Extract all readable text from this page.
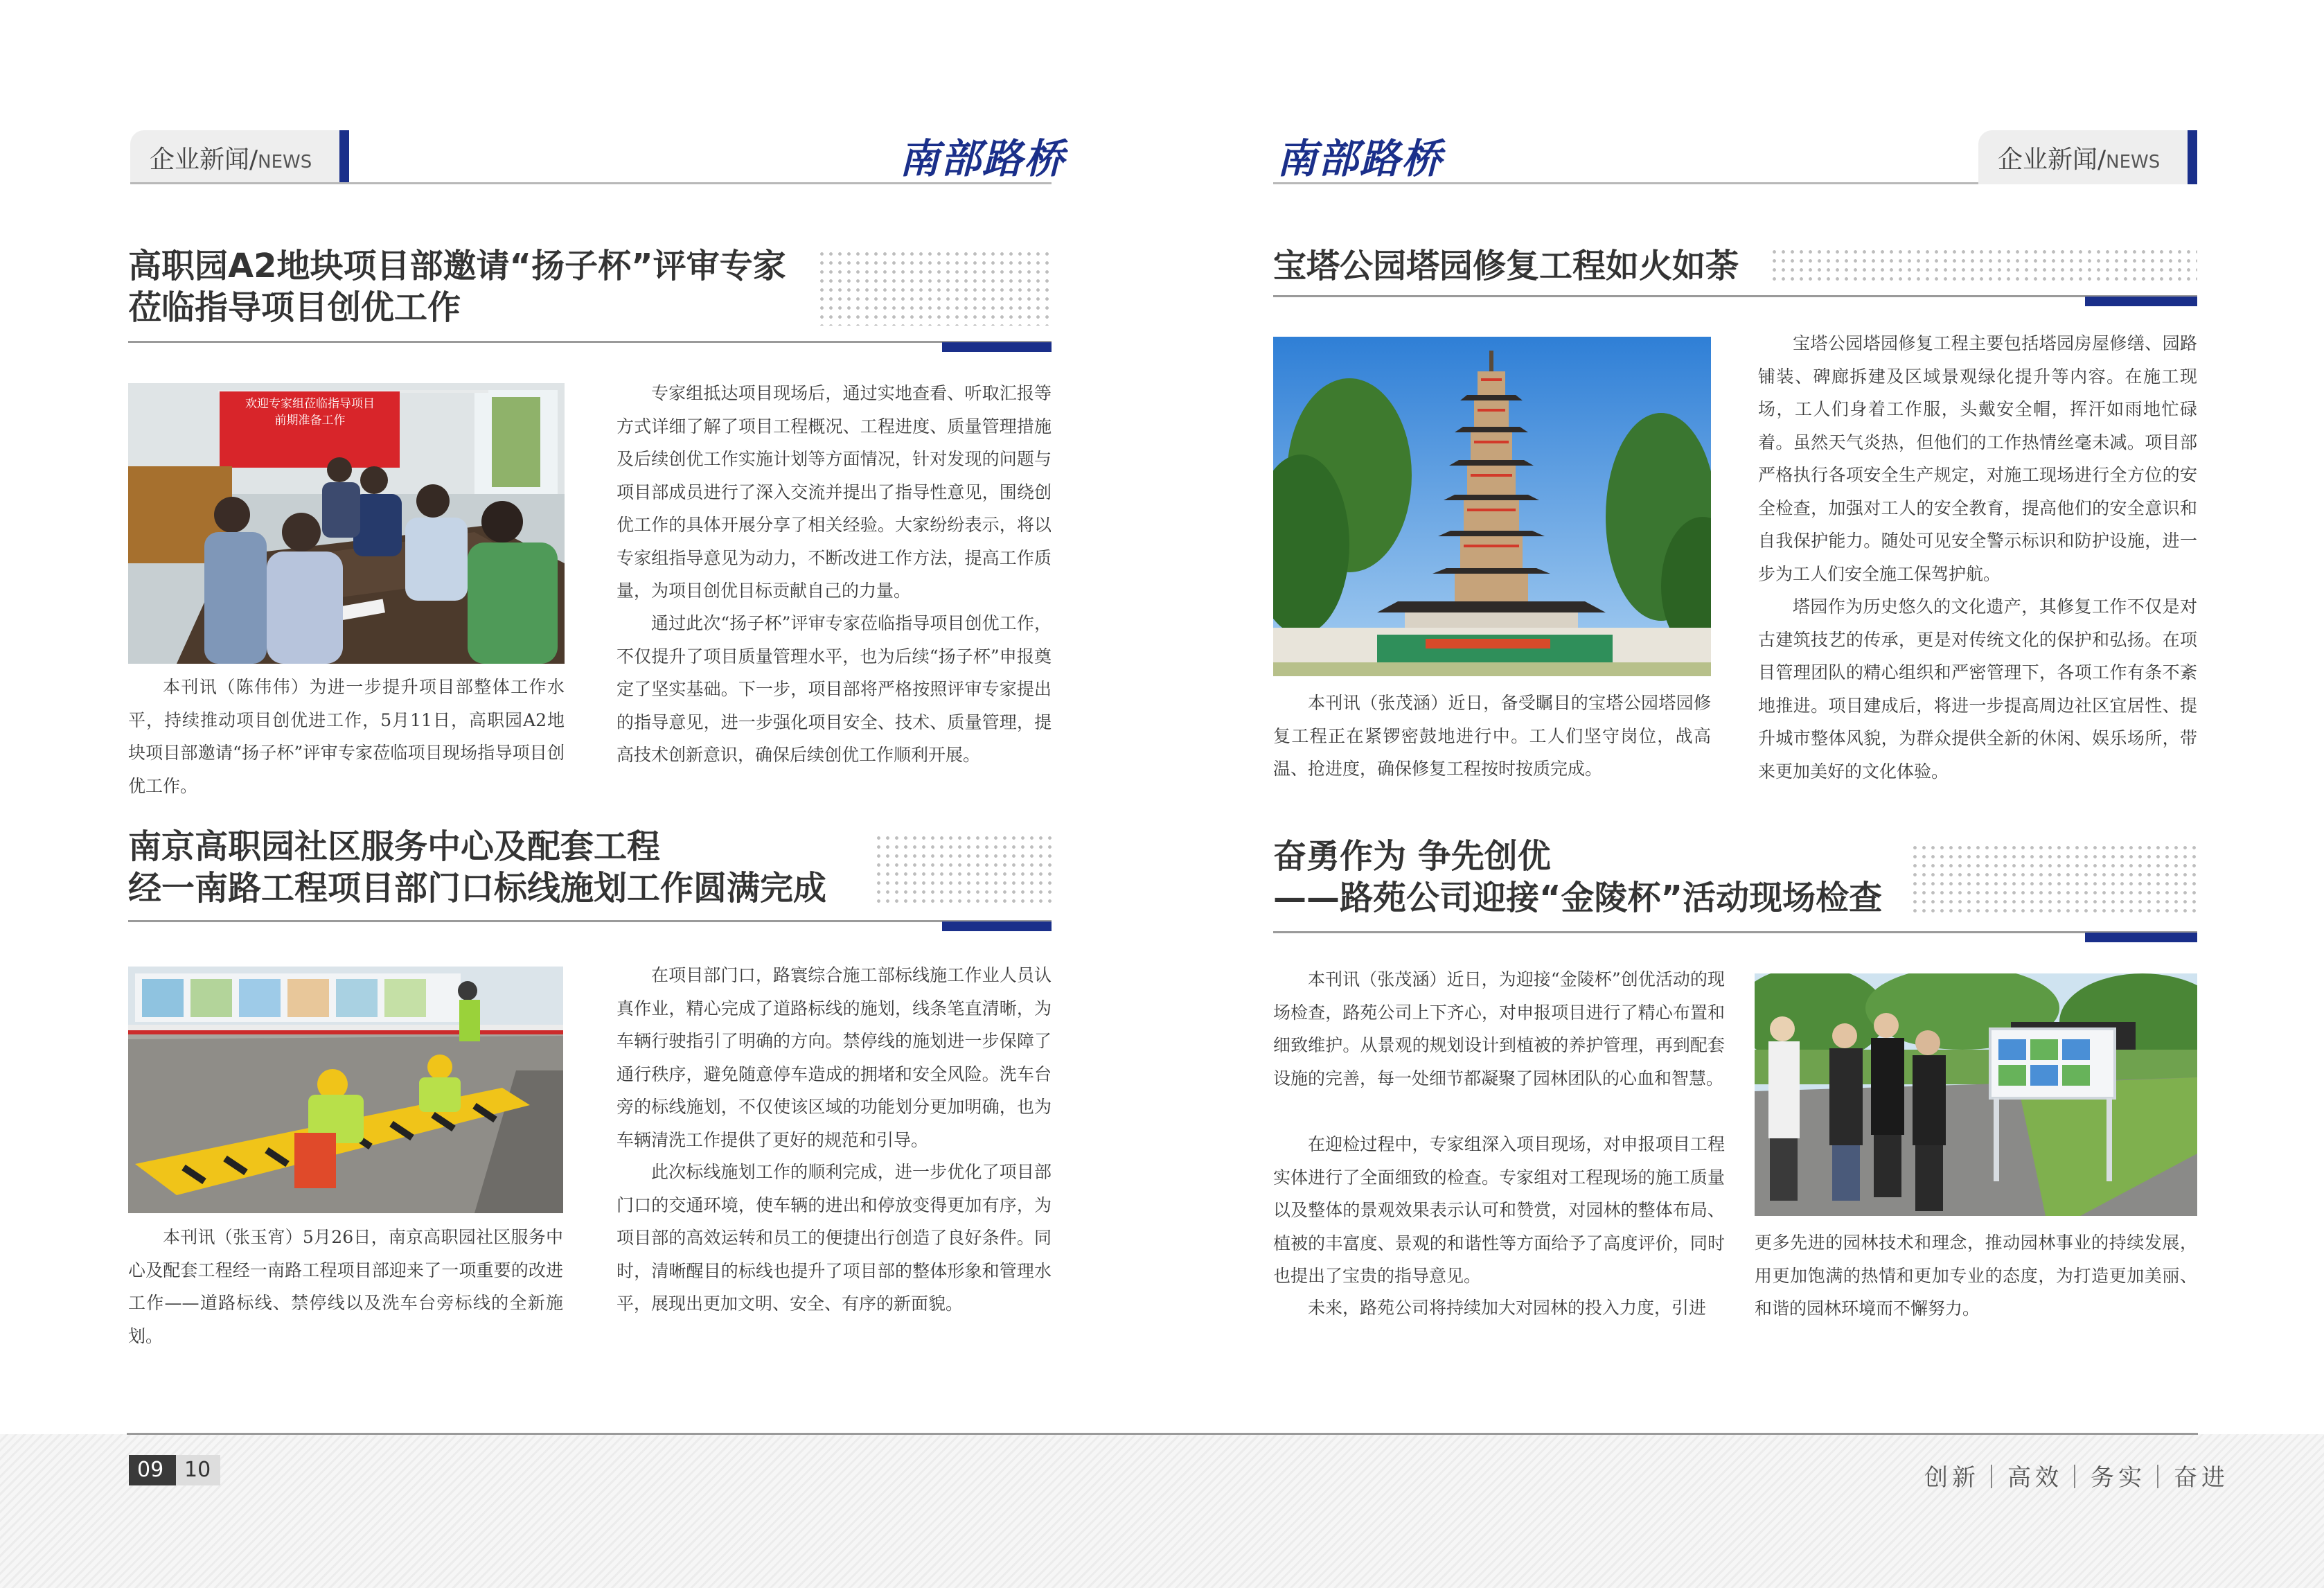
企业新闻/NEWS	南部路桥	南部路桥	企业新闻/NEWS
高职园A2地块项目部邀请“扬子杯”评审专家
莅临指导项目创优工作
欢迎专家组莅临指导项目
前期准备工作

本刊讯（陈伟伟）为进一步提升项目部整体工作水平，持续推动项目创优进工作，5月11日，高职园A2地块项目部邀请“扬子杯”评审专家莅临项目现场指导项目创优工作。

专家组抵达项目现场后，通过实地查看、听取汇报等方式详细了解了项目工程概况、工程进度、质量管理措施及后续创优工作实施计划等方面情况，针对发现的问题与项目部成员进行了深入交流并提出了指导性意见，围绕创优工作的具体开展分享了相关经验。大家纷纷表示，将以专家组指导意见为动力，不断改进工作方法，提高工作质量，为项目创优目标贡献自己的力量。

通过此次“扬子杯”评审专家莅临指导项目创优工作，不仅提升了项目质量管理水平，也为后续“扬子杯”申报奠定了坚实基础。下一步，项目部将严格按照评审专家提出的指导意见，进一步强化项目安全、技术、质量管理，提高技术创新意识，确保后续创优工作顺利开展。

南京高职园社区服务中心及配套工程
经一南路工程项目部门口标线施划工作圆满完成

本刊讯（张玉宵）5月26日，南京高职园社区服务中心及配套工程经一南路工程项目部迎来了一项重要的改进工作——道路标线、禁停线以及洗车台旁标线的全新施划。

在项目部门口，路寰综合施工部标线施工作业人员认真作业，精心完成了道路标线的施划，线条笔直清晰，为车辆行驶指引了明确的方向。禁停线的施划进一步保障了通行秩序，避免随意停车造成的拥堵和安全风险。洗车台旁的标线施划，不仅使该区域的功能划分更加明确，也为车辆清洗工作提供了更好的规范和引导。

此次标线施划工作的顺利完成，进一步优化了项目部门口的交通环境，使车辆的进出和停放变得更加有序，为项目部的高效运转和员工的便捷出行创造了良好条件。同时，清晰醒目的标线也提升了项目部的整体形象和管理水平，展现出更加文明、安全、有序的新面貌。

宝塔公园塔园修复工程如火如荼

本刊讯（张茂涵）近日，备受瞩目的宝塔公园塔园修复工程正在紧锣密鼓地进行中。工人们坚守岗位，战高温、抢进度，确保修复工程按时按质完成。

宝塔公园塔园修复工程主要包括塔园房屋修缮、园路铺装、碑廊拆建及区域景观绿化提升等内容。在施工现场，工人们身着工作服，头戴安全帽，挥汗如雨地忙碌着。虽然天气炎热，但他们的工作热情丝毫未减。项目部严格执行各项安全生产规定，对施工现场进行全方位的安全检查，加强对工人的安全教育，提高他们的安全意识和自我保护能力。随处可见安全警示标识和防护设施，进一步为工人们安全施工保驾护航。

塔园作为历史悠久的文化遗产，其修复工作不仅是对古建筑技艺的传承，更是对传统文化的保护和弘扬。在项目管理团队的精心组织和严密管理下，各项工作有条不紊地推进。项目建成后，将进一步提高周边社区宜居性、提升城市整体风貌，为群众提供全新的休闲、娱乐场所，带来更加美好的文化体验。

奋勇作为 争先创优
——路苑公司迎接“金陵杯”活动现场检查

本刊讯（张茂涵）近日，为迎接“金陵杯”创优活动的现场检查，路苑公司上下齐心，对申报项目进行了精心布置和细致维护。从景观的规划设计到植被的养护管理，再到配套设施的完善，每一处细节都凝聚了园林团队的心血和智慧。

在迎检过程中，专家组深入项目现场，对申报项目工程实体进行了全面细致的检查。专家组对工程现场的施工质量以及整体的景观效果表示认可和赞赏，对园林的整体布局、植被的丰富度、景观的和谐性等方面给予了高度评价，同时也提出了宝贵的指导意见。

未来，路苑公司将持续加大对园林的投入力度，引进

更多先进的园林技术和理念，推动园林事业的持续发展，用更加饱满的热情和更加专业的态度，为打造更加美丽、和谐的园林环境而不懈努力。

09 10	创新｜高效｜务实｜奋进
